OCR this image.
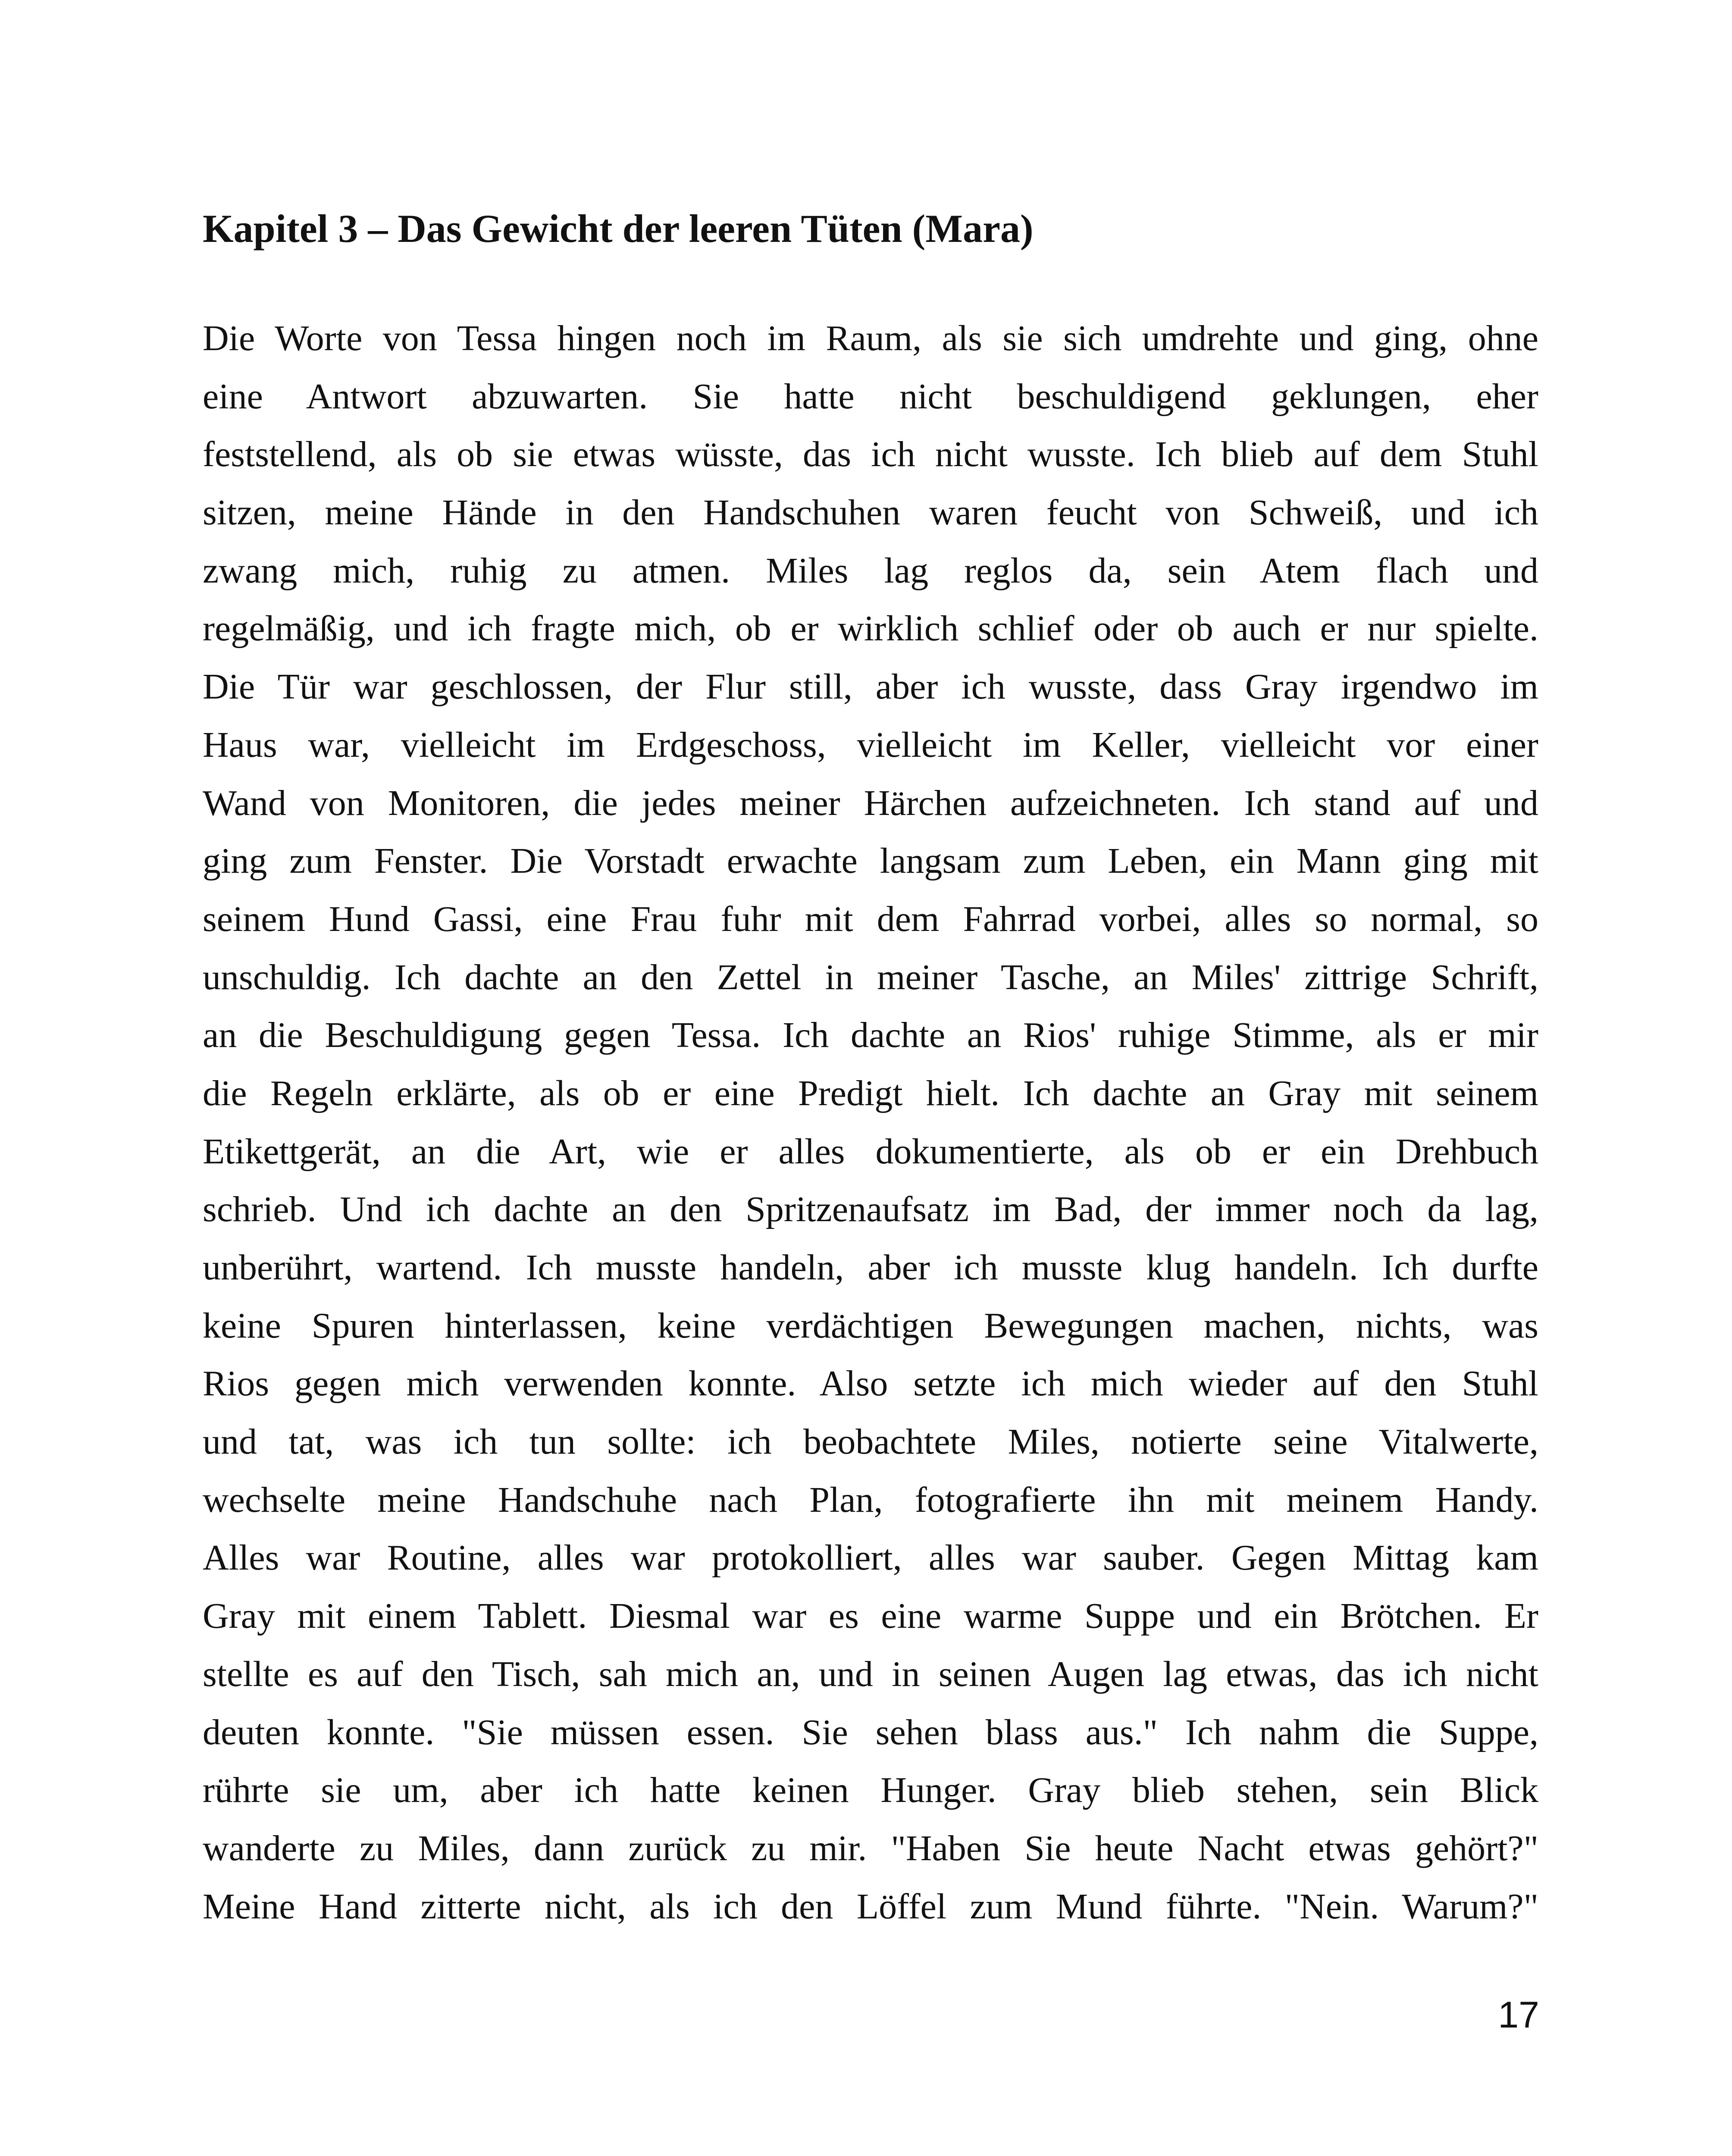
Kapitel 3 – Das Gewicht der leeren Tüten (Mara)
Die Worte von Tessa hingen noch im Raum, als sie sich umdrehte und ging, ohne
eine Antwort abzuwarten. Sie hatte nicht beschuldigend geklungen, eher
feststellend, als ob sie etwas wüsste, das ich nicht wusste. Ich blieb auf dem Stuhl
sitzen, meine Hände in den Handschuhen waren feucht von Schweiß, und ich
zwang mich, ruhig zu atmen. Miles lag reglos da, sein Atem flach und
regelmäßig, und ich fragte mich, ob er wirklich schlief oder ob auch er nur spielte.
Die Tür war geschlossen, der Flur still, aber ich wusste, dass Gray irgendwo im
Haus war, vielleicht im Erdgeschoss, vielleicht im Keller, vielleicht vor einer
Wand von Monitoren, die jedes meiner Härchen aufzeichneten. Ich stand auf und
ging zum Fenster. Die Vorstadt erwachte langsam zum Leben, ein Mann ging mit
seinem Hund Gassi, eine Frau fuhr mit dem Fahrrad vorbei, alles so normal, so
unschuldig. Ich dachte an den Zettel in meiner Tasche, an Miles' zittrige Schrift,
an die Beschuldigung gegen Tessa. Ich dachte an Rios' ruhige Stimme, als er mir
die Regeln erklärte, als ob er eine Predigt hielt. Ich dachte an Gray mit seinem
Etikettgerät, an die Art, wie er alles dokumentierte, als ob er ein Drehbuch
schrieb. Und ich dachte an den Spritzenaufsatz im Bad, der immer noch da lag,
unberührt, wartend. Ich musste handeln, aber ich musste klug handeln. Ich durfte
keine Spuren hinterlassen, keine verdächtigen Bewegungen machen, nichts, was
Rios gegen mich verwenden konnte. Also setzte ich mich wieder auf den Stuhl
und tat, was ich tun sollte: ich beobachtete Miles, notierte seine Vitalwerte,
wechselte meine Handschuhe nach Plan, fotografierte ihn mit meinem Handy.
Alles war Routine, alles war protokolliert, alles war sauber. Gegen Mittag kam
Gray mit einem Tablett. Diesmal war es eine warme Suppe und ein Brötchen. Er
stellte es auf den Tisch, sah mich an, und in seinen Augen lag etwas, das ich nicht
deuten konnte. "Sie müssen essen. Sie sehen blass aus." Ich nahm die Suppe,
rührte sie um, aber ich hatte keinen Hunger. Gray blieb stehen, sein Blick
wanderte zu Miles, dann zurück zu mir. "Haben Sie heute Nacht etwas gehört?"
Meine Hand zitterte nicht, als ich den Löffel zum Mund führte. "Nein. Warum?"
17
